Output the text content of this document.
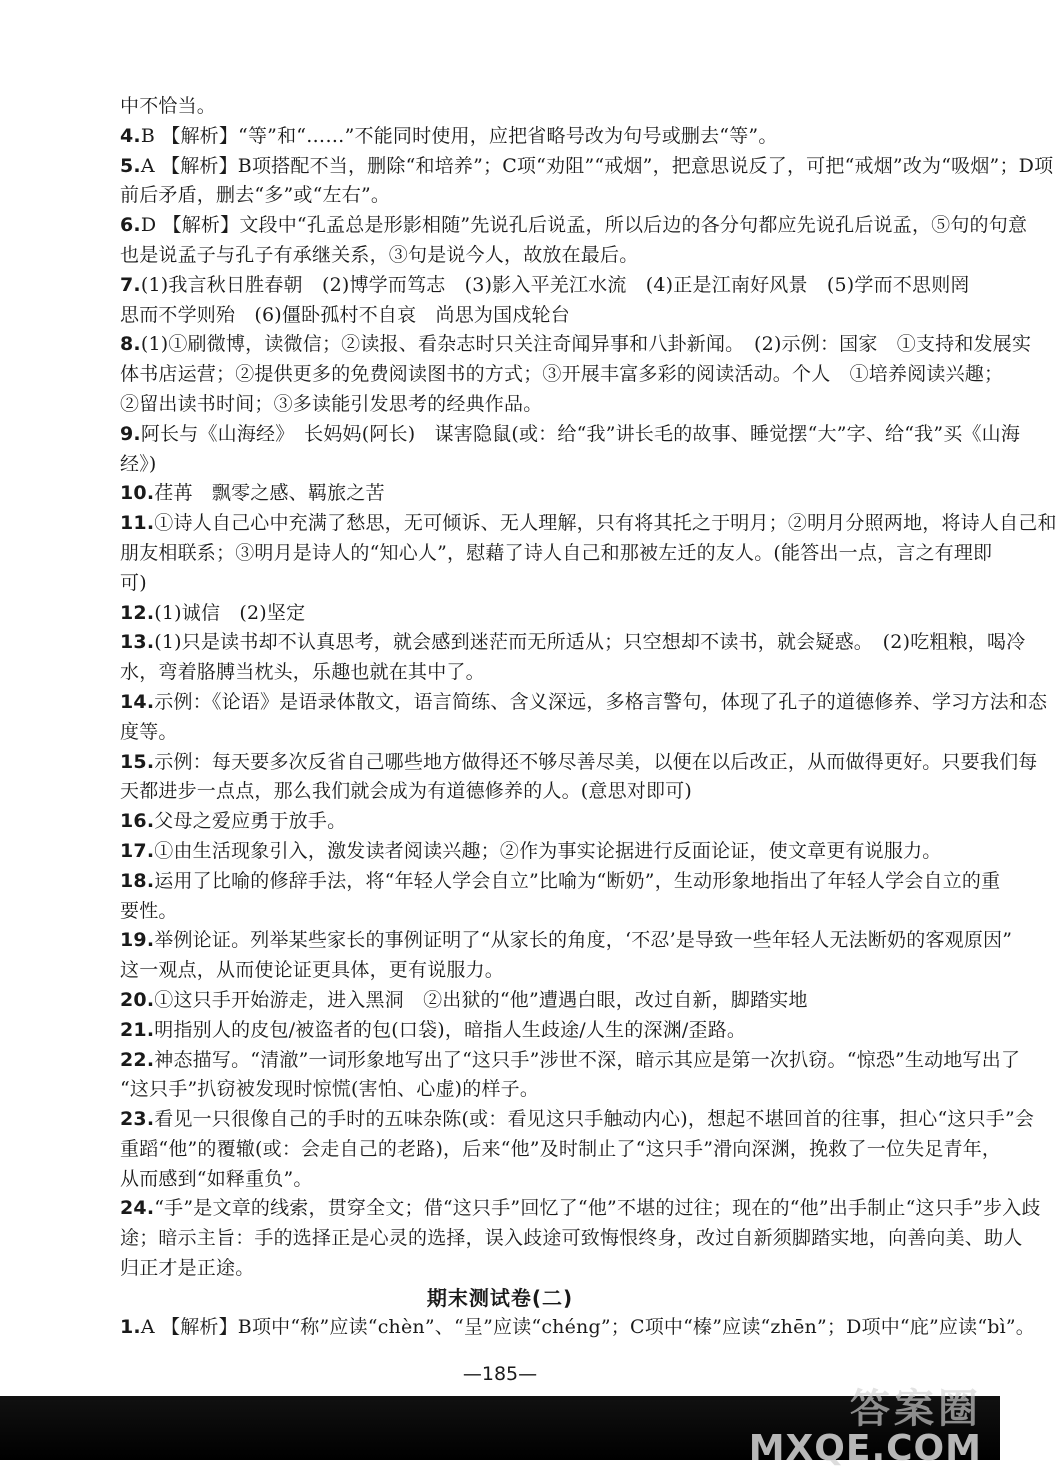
中不恰当。
4.B 【解析】“等”和“……”不能同时使用，应把省略号改为句号或删去“等”。
5.A 【解析】B项搭配不当，删除“和培养”；C项“劝阻”“戒烟”，把意思说反了，可把“戒烟”改为“吸烟”；D项
前后矛盾，删去“多”或“左右”。
6.D 【解析】文段中“孔孟总是形影相随”先说孔后说孟，所以后边的各分句都应先说孔后说孟，⑤句的句意
也是说孟子与孔子有承继关系，③句是说今人，故放在最后。
7.(1)我言秋日胜春朝　(2)博学而笃志　(3)影入平羌江水流　(4)正是江南好风景　(5)学而不思则罔
思而不学则殆　(6)僵卧孤村不自哀　尚思为国戍轮台
8.(1)①刷微博，读微信；②读报、看杂志时只关注奇闻异事和八卦新闻。　(2)示例：国家　①支持和发展实
体书店运营；②提供更多的免费阅读图书的方式；③开展丰富多彩的阅读活动。个人　①培养阅读兴趣；
②留出读书时间；③多读能引发思考的经典作品。
9.阿长与《山海经》　长妈妈(阿长)　谋害隐鼠(或：给“我”讲长毛的故事、睡觉摆“大”字、给“我”买《山海
经》)
10.荏苒　飘零之感、羁旅之苦
11.①诗人自己心中充满了愁思，无可倾诉、无人理解，只有将其托之于明月；②明月分照两地，将诗人自己和
朋友相联系；③明月是诗人的“知心人”，慰藉了诗人自己和那被左迁的友人。(能答出一点，言之有理即
可)
12.(1)诚信　(2)坚定
13.(1)只是读书却不认真思考，就会感到迷茫而无所适从；只空想却不读书，就会疑惑。　(2)吃粗粮，喝冷
水，弯着胳膊当枕头，乐趣也就在其中了。
14.示例：《论语》是语录体散文，语言简练、含义深远，多格言警句，体现了孔子的道德修养、学习方法和态
度等。
15.示例：每天要多次反省自己哪些地方做得还不够尽善尽美，以便在以后改正，从而做得更好。只要我们每
天都进步一点点，那么我们就会成为有道德修养的人。(意思对即可)
16.父母之爱应勇于放手。
17.①由生活现象引入，激发读者阅读兴趣；②作为事实论据进行反面论证，使文章更有说服力。
18.运用了比喻的修辞手法，将“年轻人学会自立”比喻为“断奶”，生动形象地指出了年轻人学会自立的重
要性。
19.举例论证。列举某些家长的事例证明了“从家长的角度，‘不忍’是导致一些年轻人无法断奶的客观原因”
这一观点，从而使论证更具体，更有说服力。
20.①这只手开始游走，进入黑洞　②出狱的“他”遭遇白眼，改过自新，脚踏实地
21.明指别人的皮包/被盗者的包(口袋)，暗指人生歧途/人生的深渊/歪路。
22.神态描写。“清澈”一词形象地写出了“这只手”涉世不深，暗示其应是第一次扒窃。“惊恐”生动地写出了
“这只手”扒窃被发现时惊慌(害怕、心虚)的样子。
23.看见一只很像自己的手时的五味杂陈(或：看见这只手触动内心)，想起不堪回首的往事，担心“这只手”会
重蹈“他”的覆辙(或：会走自己的老路)，后来“他”及时制止了“这只手”滑向深渊，挽救了一位失足青年，
从而感到“如释重负”。
24.“手”是文章的线索，贯穿全文；借“这只手”回忆了“他”不堪的过往；现在的“他”出手制止“这只手”步入歧
途；暗示主旨：手的选择正是心灵的选择，误入歧途可致悔恨终身，改过自新须脚踏实地，向善向美、助人
归正才是正途。
期末测试卷(二)
1.A 【解析】B项中“称”应读“chèn”、“呈”应读“chéng”；C项中“榛”应读“zhēn”；D项中“庇”应读“bì”。
—185—
答案圈
MXQE.COM
